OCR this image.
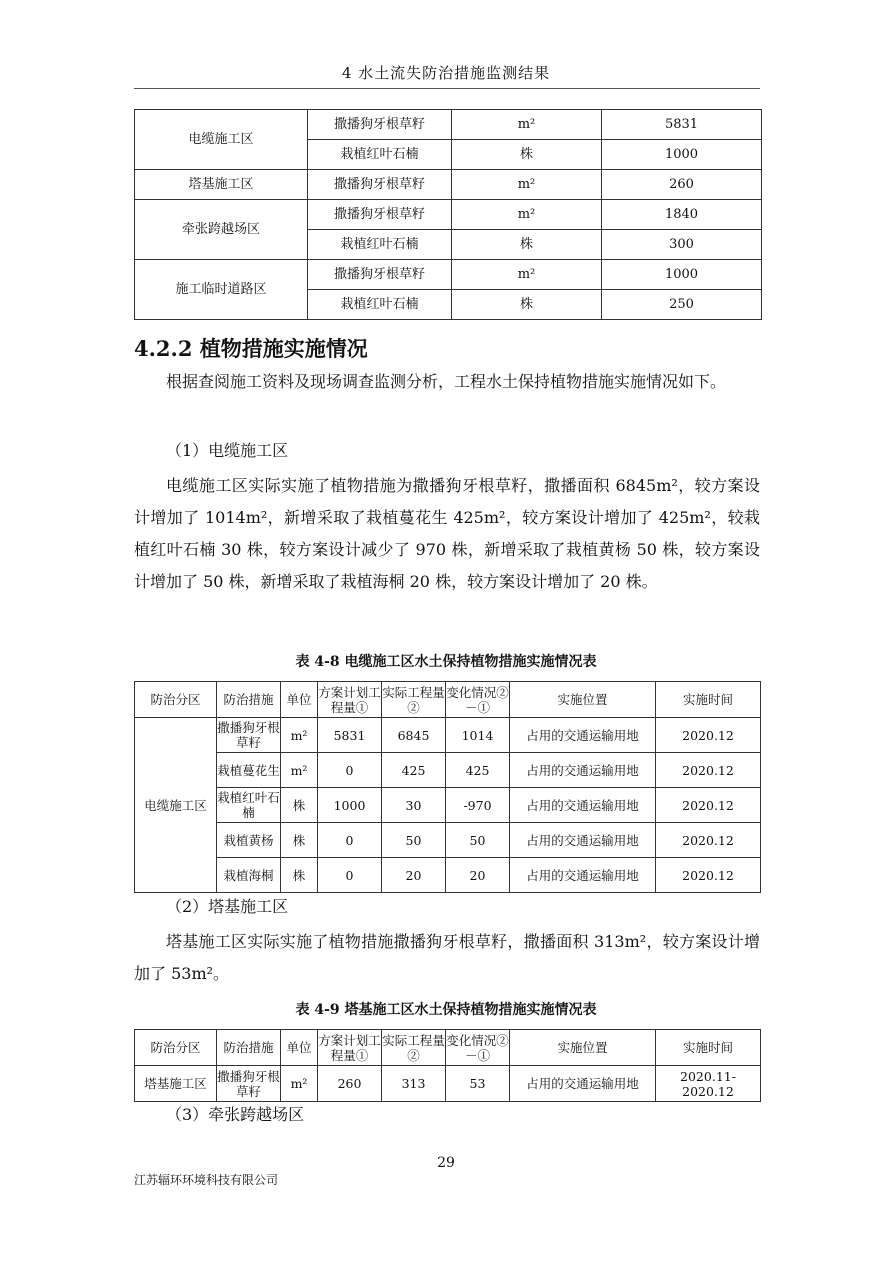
4 水土流失防治措施监测结果
电缆施工区	撒播狗牙根草籽	m²	5831
	栽植红叶石楠	株	1000
塔基施工区	撒播狗牙根草籽	m²	260
牵张跨越场区	撒播狗牙根草籽	m²	1840
	栽植红叶石楠	株	300
施工临时道路区	撒播狗牙根草籽	m²	1000
	栽植红叶石楠	株	250
4.2.2 植物措施实施情况
根据查阅施工资料及现场调查监测分析，工程水土保持植物措施实施情况如下。
（1）电缆施工区
电缆施工区实际实施了植物措施为撒播狗牙根草籽，撒播面积 6845m²，较方案设计增加了 1014m²，新增采取了栽植蔓花生 425m²，较方案设计增加了 425m²，较栽植红叶石楠 30 株，较方案设计减少了 970 株，新增采取了栽植黄杨 50 株，较方案设计增加了 50 株，新增采取了栽植海桐 20 株，较方案设计增加了 20 株。
表 4-8 电缆施工区水土保持植物措施实施情况表
防治分区	防治措施	单位	方案计划工程量①	实际工程量②	变化情况②－①	实施位置	实施时间
电缆施工区	撒播狗牙根草籽	m²	5831	6845	1014	占用的交通运输用地	2020.12
	栽植蔓花生	m²	0	425	425	占用的交通运输用地	2020.12
	栽植红叶石楠	株	1000	30	-970	占用的交通运输用地	2020.12
	栽植黄杨	株	0	50	50	占用的交通运输用地	2020.12
	栽植海桐	株	0	20	20	占用的交通运输用地	2020.12
（2）塔基施工区
塔基施工区实际实施了植物措施撒播狗牙根草籽，撒播面积 313m²，较方案设计增加了 53m²。
表 4-9 塔基施工区水土保持植物措施实施情况表
防治分区	防治措施	单位	方案计划工程量①	实际工程量②	变化情况②－①	实施位置	实施时间
塔基施工区	撒播狗牙根草籽	m²	260	313	53	占用的交通运输用地	2020.11-2020.12
（3）牵张跨越场区
29
江苏辐环环境科技有限公司
